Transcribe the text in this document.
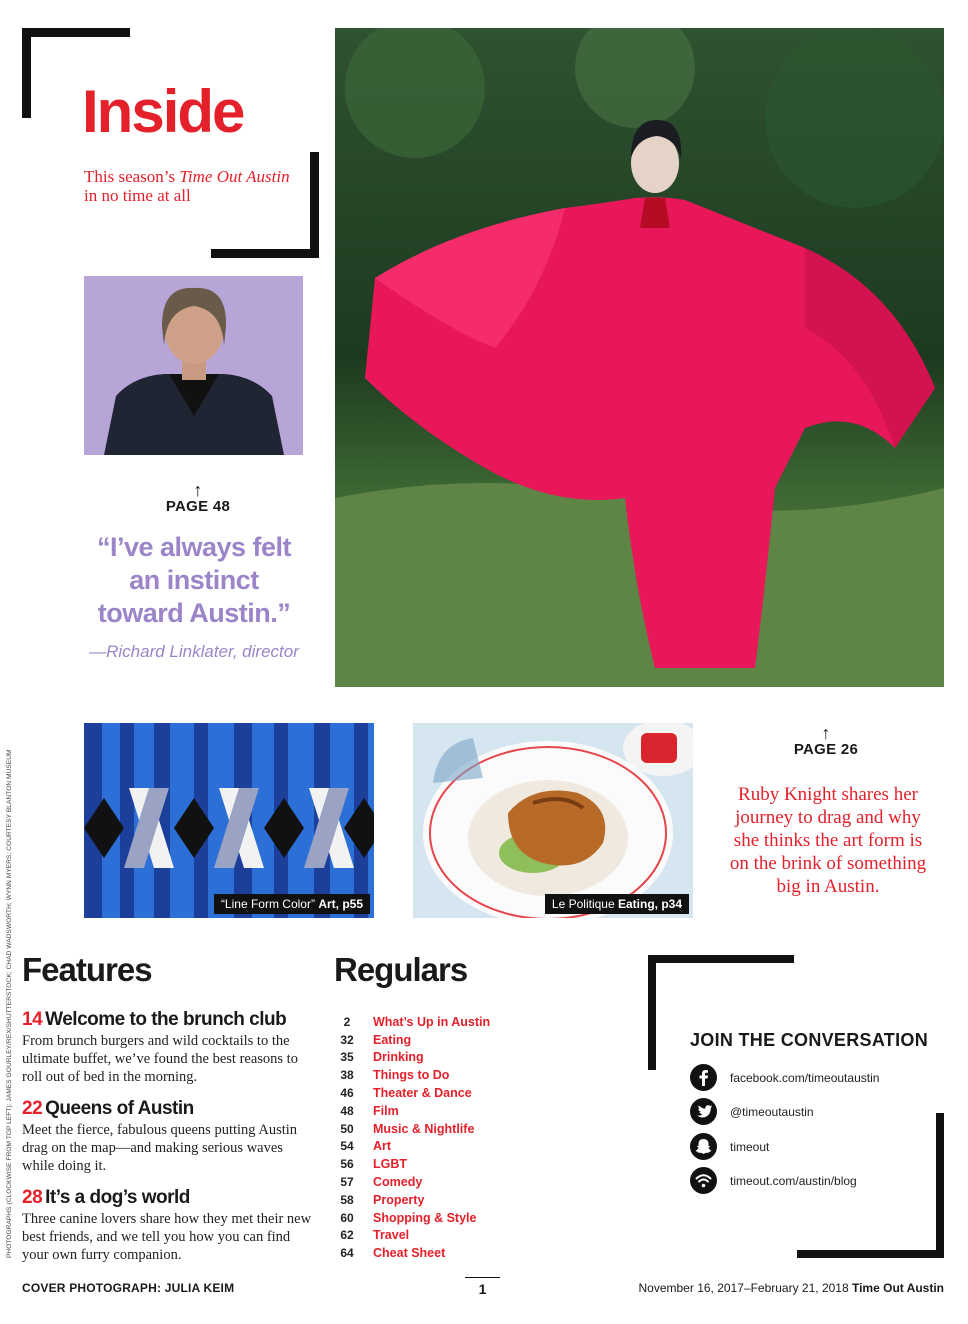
Inside
This season’s Time Out Austin in no time at all
↑
PAGE 48
“I’ve always felt an instinct toward Austin.”
—Richard Linklater, director
“Line Form Color” Art, p55	Le Politique Eating, p34
↑
PAGE 26
Ruby Knight shares her journey to drag and why she thinks the art form is on the brink of something big in Austin.
PHOTOGRAPHS (CLOCKWISE FROM TOP LEFT): JAMES GOURLEY/REX/SHUTTERSTOCK; CHAD WADSWORTH; WYNN MYERS; COURTESY BLANTON MUSEUM Features
14 Welcome to the brunch club
From brunch burgers and wild cocktails to the ultimate buffet, we’ve found the best reasons to roll out of bed in the morning.
22 Queens of Austin
Meet the fierce, fabulous queens putting Austin drag on the map—and making serious waves while doing it.
28 It’s a dog’s world
Three canine lovers share how they met their new best friends, and we tell you how you can find your own furry companion.
Regulars
2	What’s Up in Austin
32	Eating
35	Drinking
38	Things to Do
46	Theater & Dance
48	Film
50	Music & Nightlife
54	Art
56	LGBT
57	Comedy
58	Property
60	Shopping & Style
62	Travel
64	Cheat Sheet
JOIN THE CONVERSATION
facebook.com/timeoutaustin
@timeoutaustin
timeout
timeout.com/austin/blog
COVER PHOTOGRAPH: JULIA KEIM	1	November 16, 2017–February 21, 2018 Time Out Austin
